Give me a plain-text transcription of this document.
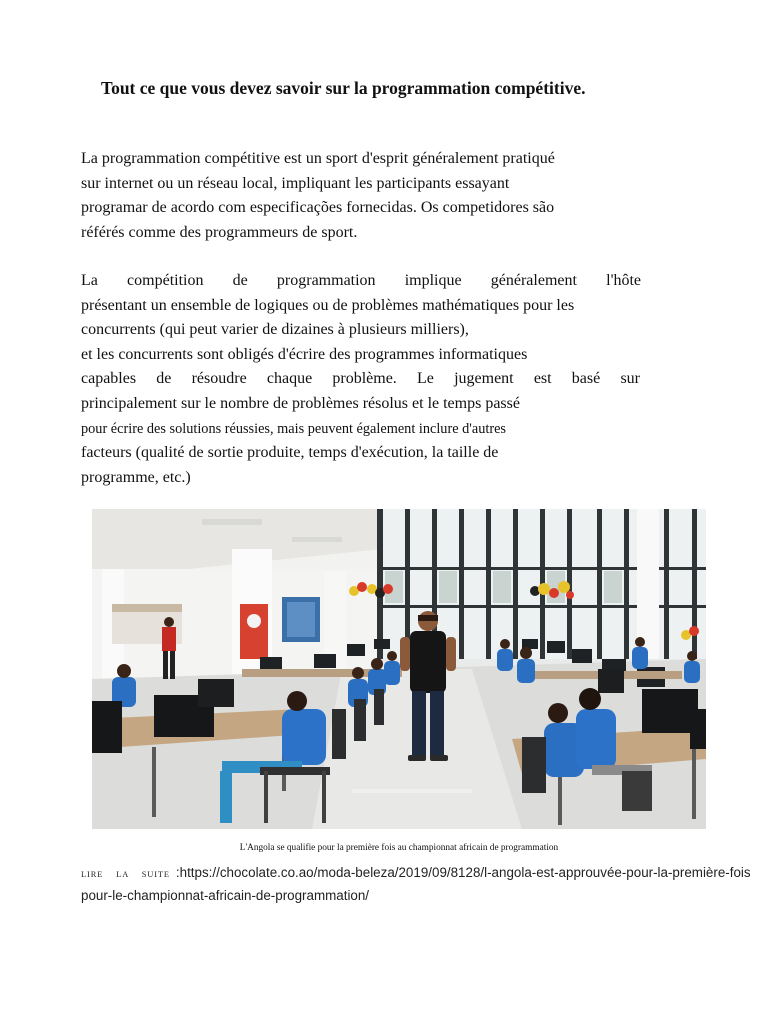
Tout ce que vous devez savoir sur la programmation compétitive.
La programmation compétitive est un sport d'esprit généralement pratiqué
sur internet ou un réseau local, impliquant les participants essayant
programar de acordo com especificações fornecidas. Os competidores são
référés comme des programmeurs de sport.
La compétition de programmation implique généralement l'hôte
présentant un ensemble de logiques ou de problèmes mathématiques pour les
concurrents (qui peut varier de dizaines à plusieurs milliers),
et les concurrents sont obligés d'écrire des programmes informatiques
capables de résoudre chaque problème. Le jugement est basé sur
principalement sur le nombre de problèmes résolus et le temps passé
pour écrire des solutions réussies, mais peuvent également inclure d'autres
facteurs (qualité de sortie produite, temps d'exécution, la taille de
programme, etc.)

L'Angola se qualifie pour la première fois au championnat africain de programmation

LIRE LA SUITE :https://chocolate.co.ao/moda-beleza/2019/09/8128/l-angola-est-approuvée-pour-la-première-fois
pour-le-championnat-africain-de-programmation/
